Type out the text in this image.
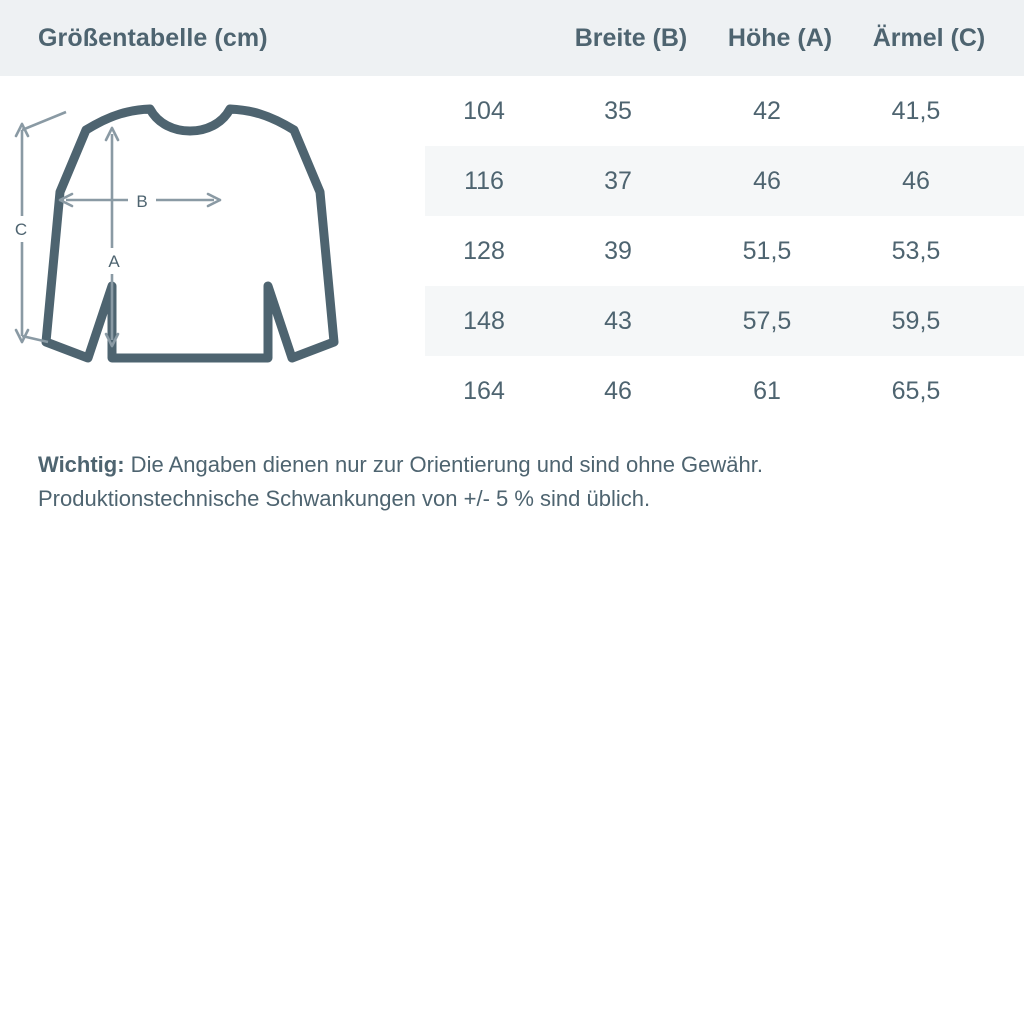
Größentabelle (cm)	Breite (B)	Höhe (A)	Ärmel (C)
C
A
B
104	35	42	41,5
116	37	46	46
128	39	51,5	53,5
148	43	57,5	59,5
164	46	61	65,5
Wichtig: Die Angaben dienen nur zur Orientierung und sind ohne Gewähr.
Produktionstechnische Schwankungen von +/- 5 % sind üblich.
